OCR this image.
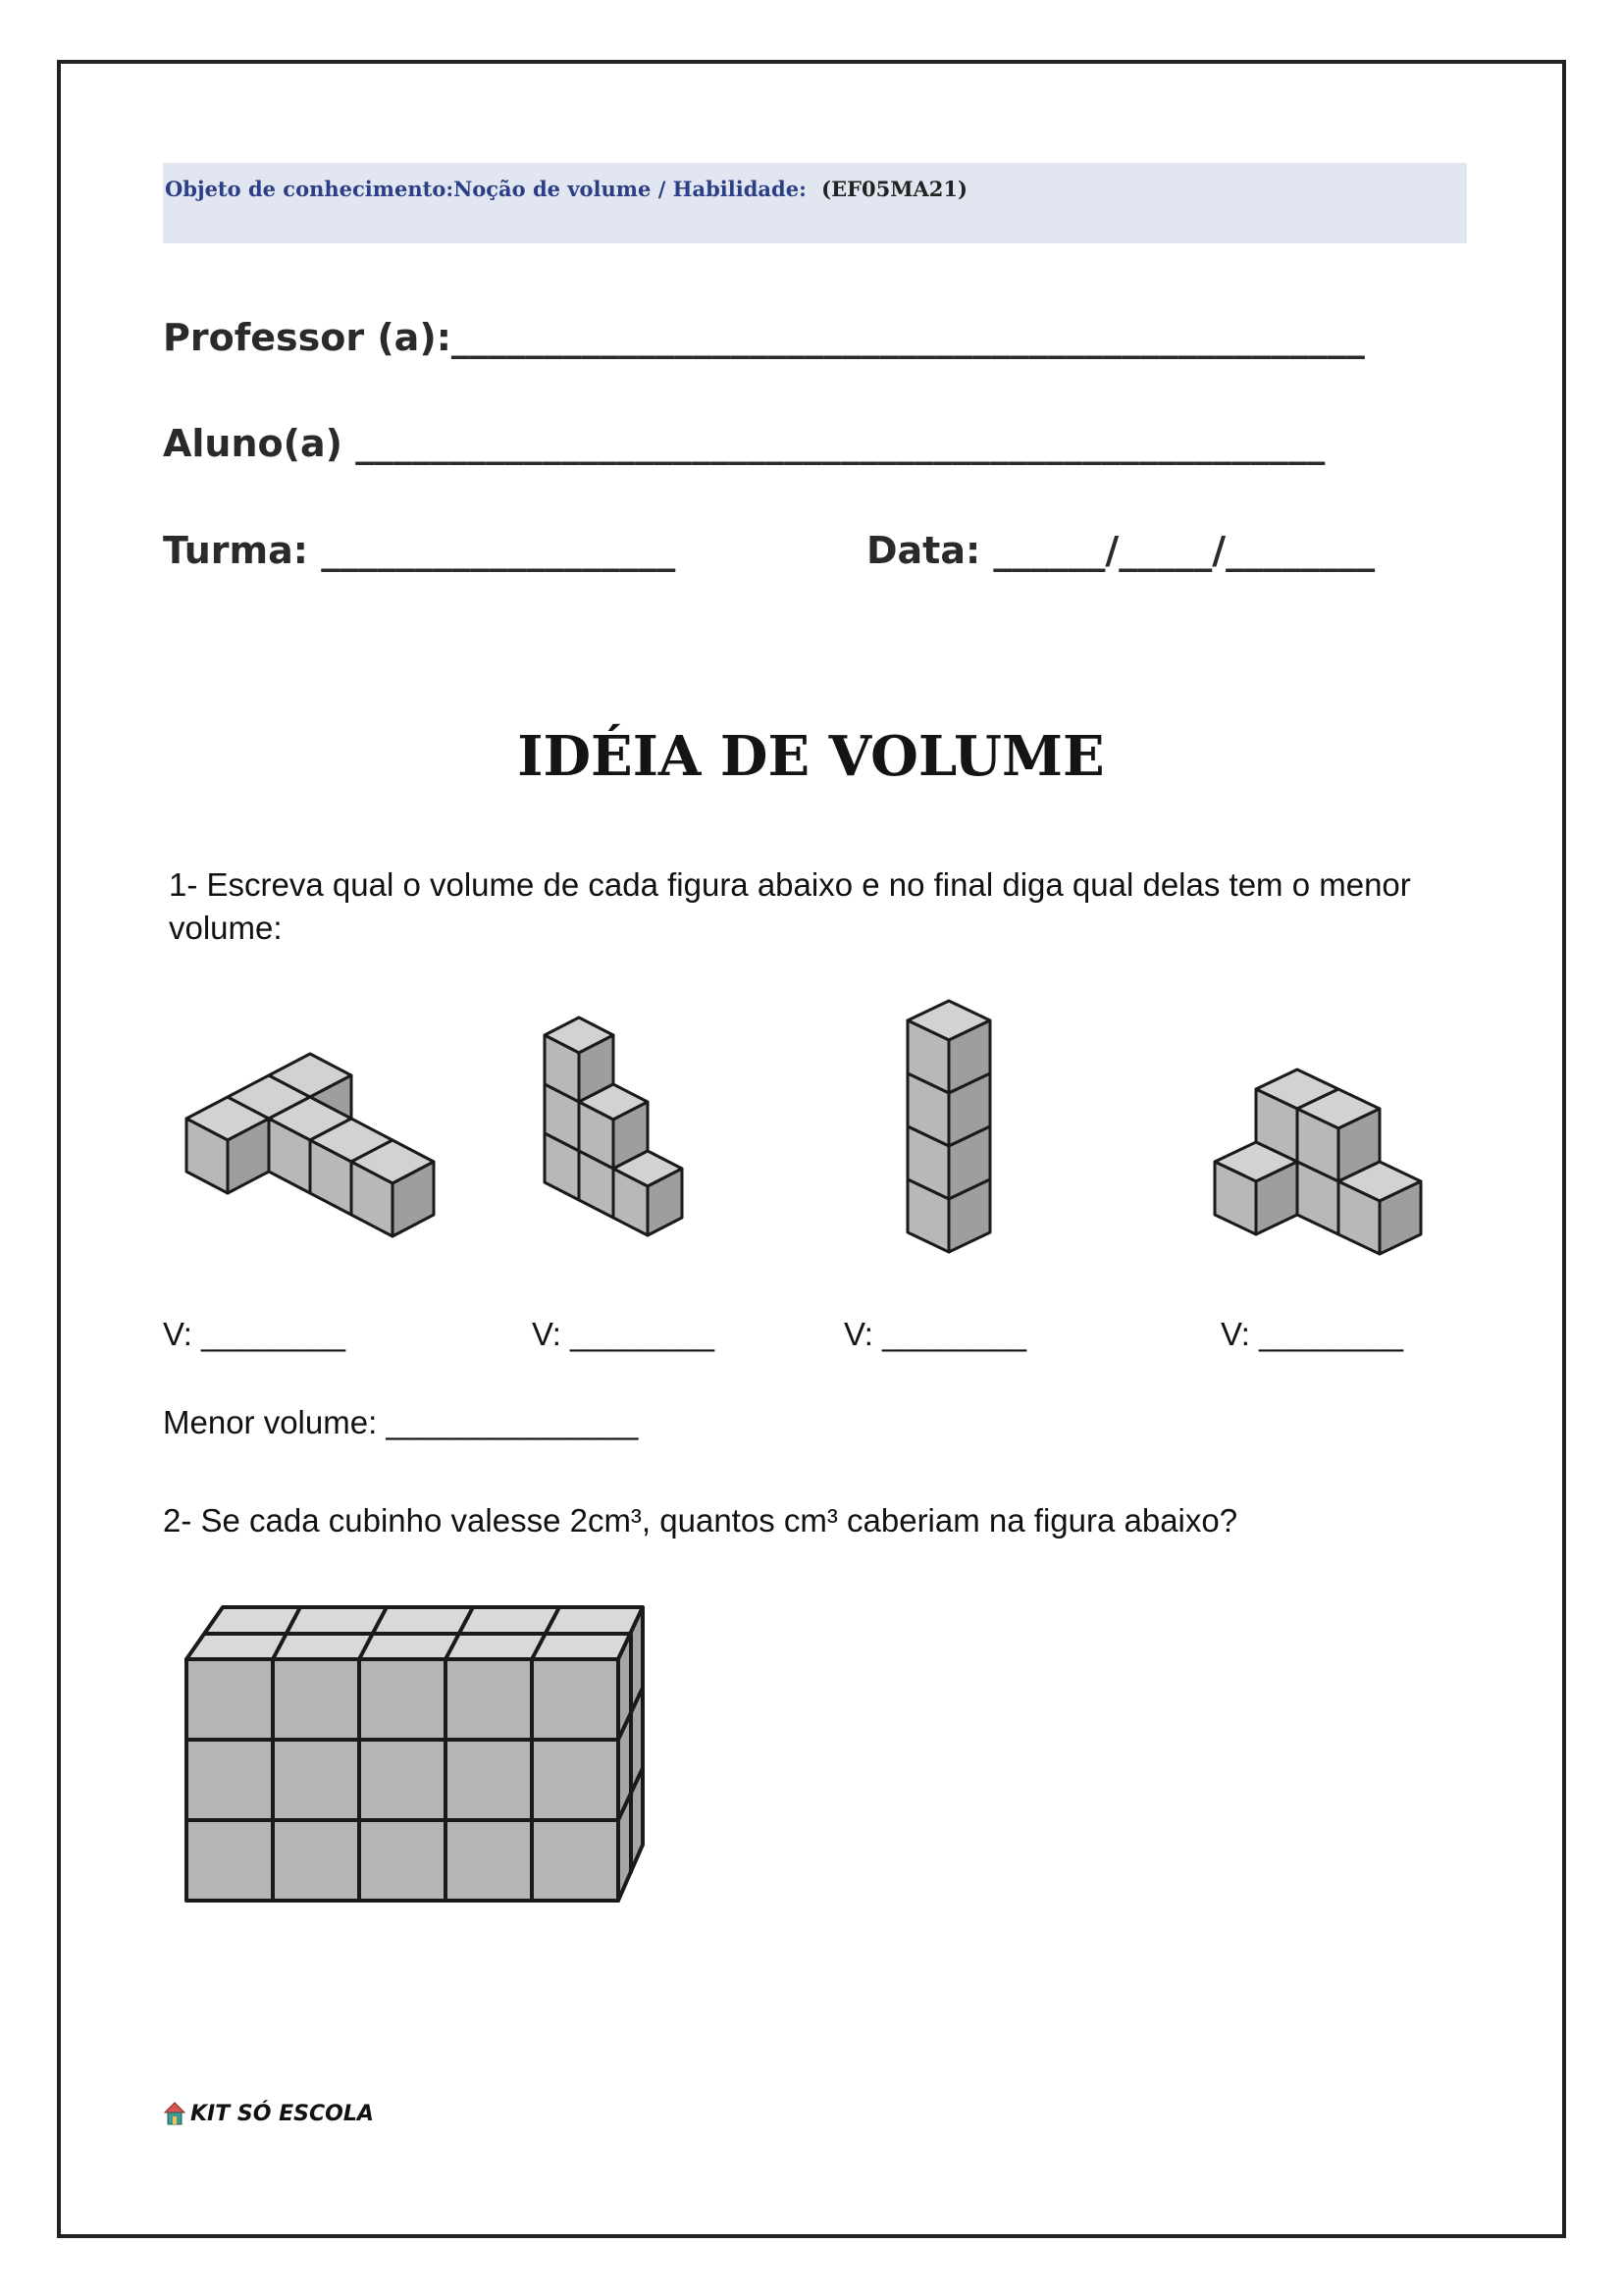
Objeto de conhecimento:Noção de volume / Habilidade: (EF05MA21)
Professor (a):_________________________________________________
Aluno(a) ____________________________________________________
Turma: ___________________	Data: ______/_____/________
IDÉIA DE VOLUME
1- Escreva qual o volume de cada figura abaixo e no final diga qual delas tem o menor volume:
V: ________	V: ________	V: ________	V: ________
Menor volume: ______________
2- Se cada cubinho valesse 2cm³, quantos cm³ caberiam na figura abaixo?
KIT SÓ ESCOLA
